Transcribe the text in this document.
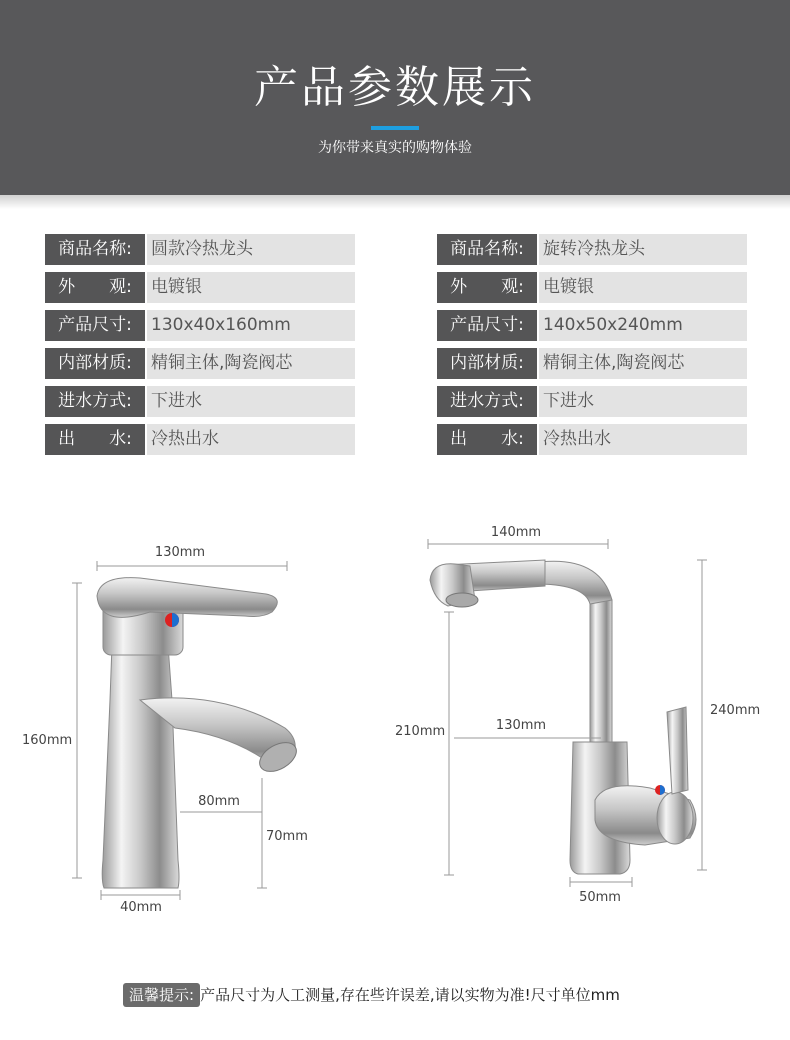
产品参数展示
为你带来真实的购物体验
商品名称:	圆款冷热龙头
外　　观:	电镀银
产品尺寸:	130x40x160mm
内部材质:	精铜主体,陶瓷阀芯
进水方式:	下进水
出　　水:	冷热出水
商品名称:	旋转冷热龙头
外　　观:	电镀银
产品尺寸:	140x50x240mm
内部材质:	精铜主体,陶瓷阀芯
进水方式:	下进水
出　　水:	冷热出水
130mm
160mm
80mm
70mm
40mm
140mm
240mm
210mm	130mm
50mm
温馨提示: 产品尺寸为人工测量,存在些许误差,请以实物为准!尺寸单位mm
